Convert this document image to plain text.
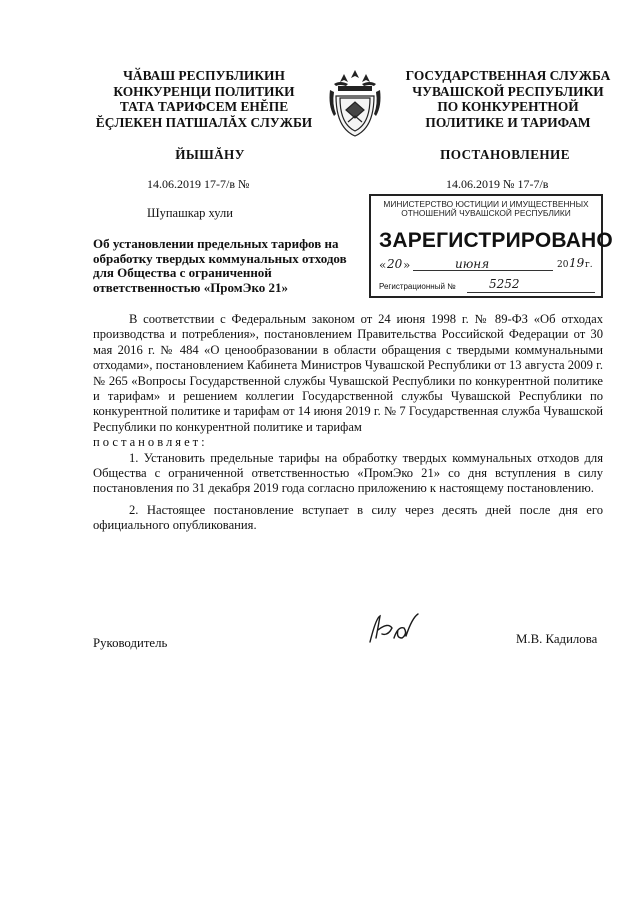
ЧӐВАШ РЕСПУБЛИКИН
КОНКУРЕНЦИ ПОЛИТИКИ
ТАТА ТАРИФСЕМ ЕНĔПЕ
ĔÇЛЕКЕН ПАТШАЛĂХ СЛУЖБИ
ГОСУДАРСТВЕННАЯ СЛУЖБА
ЧУВАШСКОЙ РЕСПУБЛИКИ
ПО КОНКУРЕНТНОЙ
ПОЛИТИКЕ И ТАРИФАМ
ЙЫШĂНУ	ПОСТАНОВЛЕНИЕ
14.06.2019 17-7/в №	14.06.2019 № 17-7/в
Шупашкар хули
МИНИСТЕРСТВО ЮСТИЦИИ И ИМУЩЕСТВЕННЫХ
ОТНОШЕНИЙ ЧУВАШСКОЙ РЕСПУБЛИКИ
ЗАРЕГИСТРИРОВАНО
« 20 »	июня	20 19 г.
Регистрационный №	5252
Об установлении предельных тарифов на обработку твердых коммунальных отходов для Общества с ограниченной ответственностью «ПромЭко 21»

В соответствии с Федеральным законом от 24 июня 1998 г. № 89-ФЗ «Об отходах производства и потребления», постановлением Правительства Российской Федерации от 30 мая 2016 г. № 484 «О ценообразовании в области обращения с твердыми коммунальными отходами», постановлением Кабинета Министров Чувашской Республики от 13 августа 2009 г. № 265 «Вопросы Государственной службы Чувашской Республики по конкурентной политике и тарифам» и решением коллегии Государственной службы Чувашской Республики по конкурентной политике и тарифам от 14 июня 2019 г. № 7 Государственная служба Чувашской Республики по конкурентной политике и тарифам

постановляет:

1. Установить предельные тарифы на обработку твердых коммунальных отходов для Общества с ограниченной ответственностью «ПромЭко 21» со дня вступления в силу постановления по 31 декабря 2019 года согласно приложению к настоящему постановлению.

2. Настоящее постановление вступает в силу через десять дней после дня его официального опубликования.

Руководитель	М.В. Кадилова
